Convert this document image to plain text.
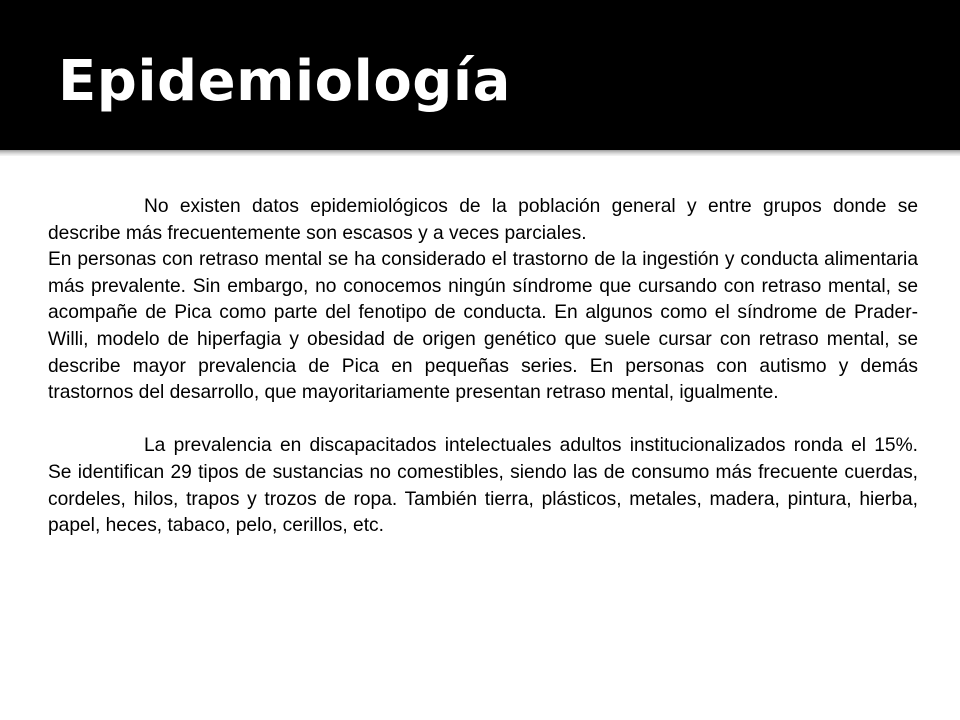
Epidemiología

No existen datos epidemiológicos de la población general y entre grupos donde se describe más frecuentemente son escasos y a veces parciales.

En personas con retraso mental se ha considerado el trastorno de la ingestión y conducta alimentaria más prevalente. Sin embargo, no conocemos ningún síndrome que cursando con retraso mental, se acompañe de Pica como parte del fenotipo de conducta. En algunos como el síndrome de Prader-Willi, modelo de hiperfagia y obesidad de origen genético que suele cursar con retraso mental, se describe mayor prevalencia de Pica en pequeñas series. En personas con autismo y demás trastornos del desarrollo, que mayoritariamente presentan retraso mental, igualmente.

La prevalencia en discapacitados intelectuales adultos institucionalizados ronda el 15%. Se identifican 29 tipos de sustancias no comestibles, siendo las de consumo más frecuente cuerdas, cordeles, hilos, trapos y trozos de ropa. También tierra, plásticos, metales, madera, pintura, hierba, papel, heces, tabaco, pelo, cerillos, etc.
